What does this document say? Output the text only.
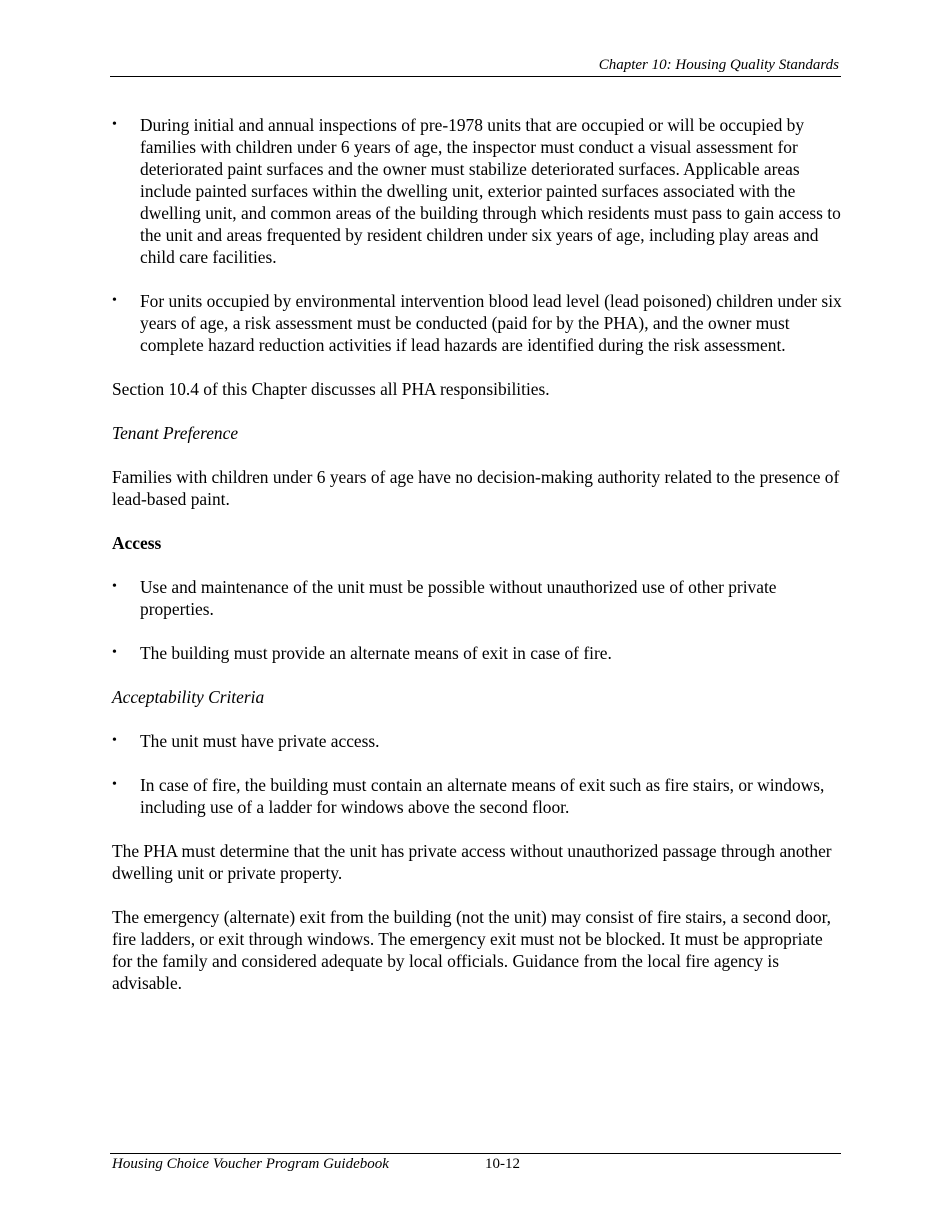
Chapter 10: Housing Quality Standards
•	During initial and annual inspections of pre-1978 units that are occupied or will be occupied by families with children under 6 years of age, the inspector must conduct a visual assessment for deteriorated paint surfaces and the owner must stabilize deteriorated surfaces. Applicable areas include painted surfaces within the dwelling unit, exterior painted surfaces associated with the dwelling unit, and common areas of the building through which residents must pass to gain access to the unit and areas frequented by resident children under six years of age, including play areas and child care facilities.
•	For units occupied by environmental intervention blood lead level (lead poisoned) children under six years of age, a risk assessment must be conducted (paid for by the PHA), and the owner must complete hazard reduction activities if lead hazards are identified during the risk assessment.

Section 10.4 of this Chapter discusses all PHA responsibilities.

Tenant Preference

Families with children under 6 years of age have no decision-making authority related to the presence of lead-based paint.

Access

•	Use and maintenance of the unit must be possible without unauthorized use of other private properties.
•	The building must provide an alternate means of exit in case of fire.

Acceptability Criteria

•	The unit must have private access.
•	In case of fire, the building must contain an alternate means of exit such as fire stairs, or windows, including use of a ladder for windows above the second floor.

The PHA must determine that the unit has private access without unauthorized passage through another dwelling unit or private property.

The emergency (alternate) exit from the building (not the unit) may consist of fire stairs, a second door, fire ladders, or exit through windows. The emergency exit must not be blocked. It must be appropriate for the family and considered adequate by local officials. Guidance from the local fire agency is advisable.

Housing Choice Voucher Program Guidebook	10-12
